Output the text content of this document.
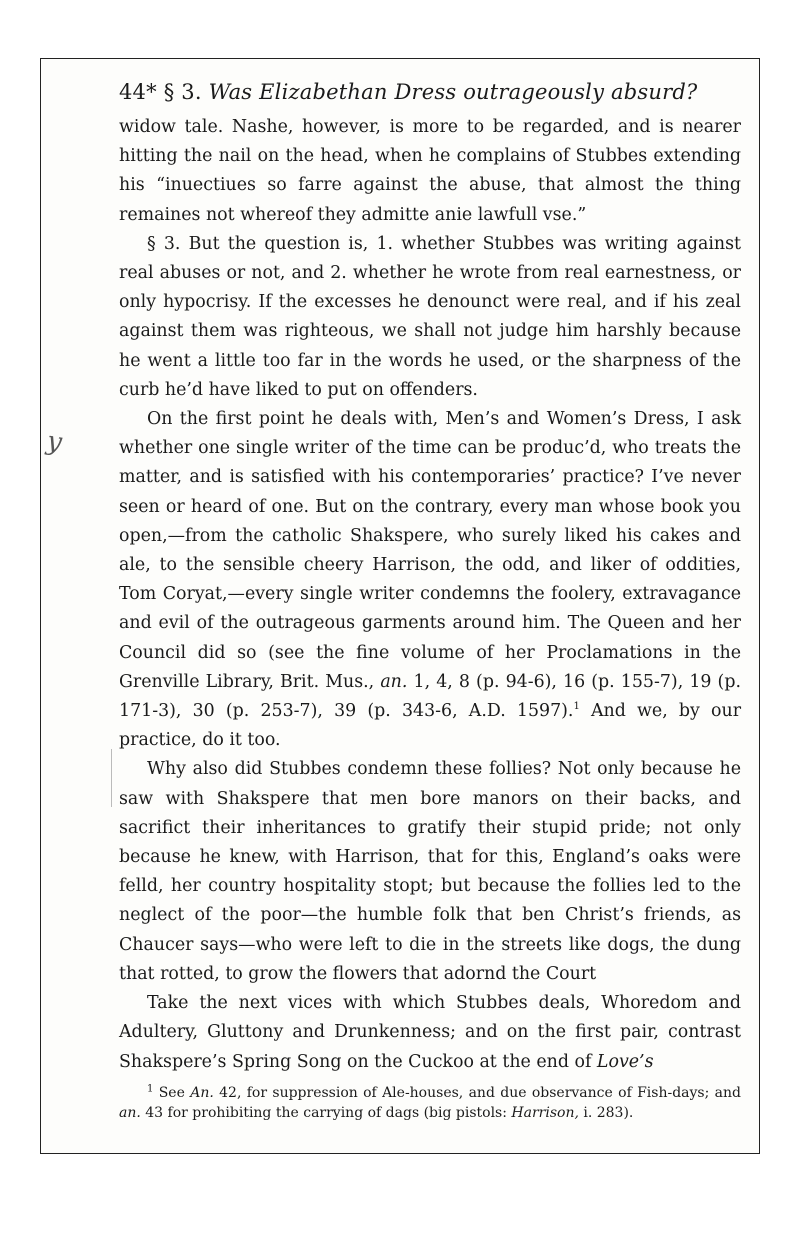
y
44* § 3. Was Elizabethan Dress outrageously absurd?

widow tale. Nashe, however, is more to be regarded, and is nearer hitting the nail on the head, when he complains of Stubbes extending his “inuectiues so farre against the abuse, that almost the thing remaines not whereof they admitte anie lawfull vse.”

§ 3. But the question is, 1. whether Stubbes was writing against real abuses or not, and 2. whether he wrote from real earnestness, or only hypocrisy. If the excesses he denounct were real, and if his zeal against them was righteous, we shall not judge him harshly because he went a little too far in the words he used, or the sharpness of the curb he’d have liked to put on offenders.

On the first point he deals with, Men’s and Women’s Dress, I ask whether one single writer of the time can be produc’d, who treats the matter, and is satisfied with his contemporaries’ practice? I’ve never seen or heard of one. But on the contrary, every man whose book you open,—from the catholic Shakspere, who surely liked his cakes and ale, to the sensible cheery Harrison, the odd, and liker of oddities, Tom Coryat,—every single writer condemns the foolery, extravagance and evil of the outrageous garments around him. The Queen and her Council did so (see the fine volume of her Proclamations in the Grenville Library, Brit. Mus., an. 1, 4, 8 (p. 94-6), 16 (p. 155-7), 19 (p. 171-3), 30 (p. 253-7), 39 (p. 343-6, A.D. 1597).$^1$ And we, by our practice, do it too.

Why also did Stubbes condemn these follies? Not only because he saw with Shakspere that men bore manors on their backs, and sacrifict their inheritances to gratify their stupid pride; not only because he knew, with Harrison, that for this, England’s oaks were felld, her country hospitality stopt; but because the follies led to the neglect of the poor—the humble folk that ben Christ’s friends, as Chaucer says—who were left to die in the streets like dogs, the dung that rotted, to grow the flowers that adornd the Court

Take the next vices with which Stubbes deals, Whoredom and Adultery, Gluttony and Drunkenness; and on the first pair, contrast Shakspere’s Spring Song on the Cuckoo at the end of Love’s

$^1$ See An. 42, for suppression of Ale-houses, and due observance of Fish-days; and an. 43 for prohibiting the carrying of dags (big pistols: Harrison, i. 283).
